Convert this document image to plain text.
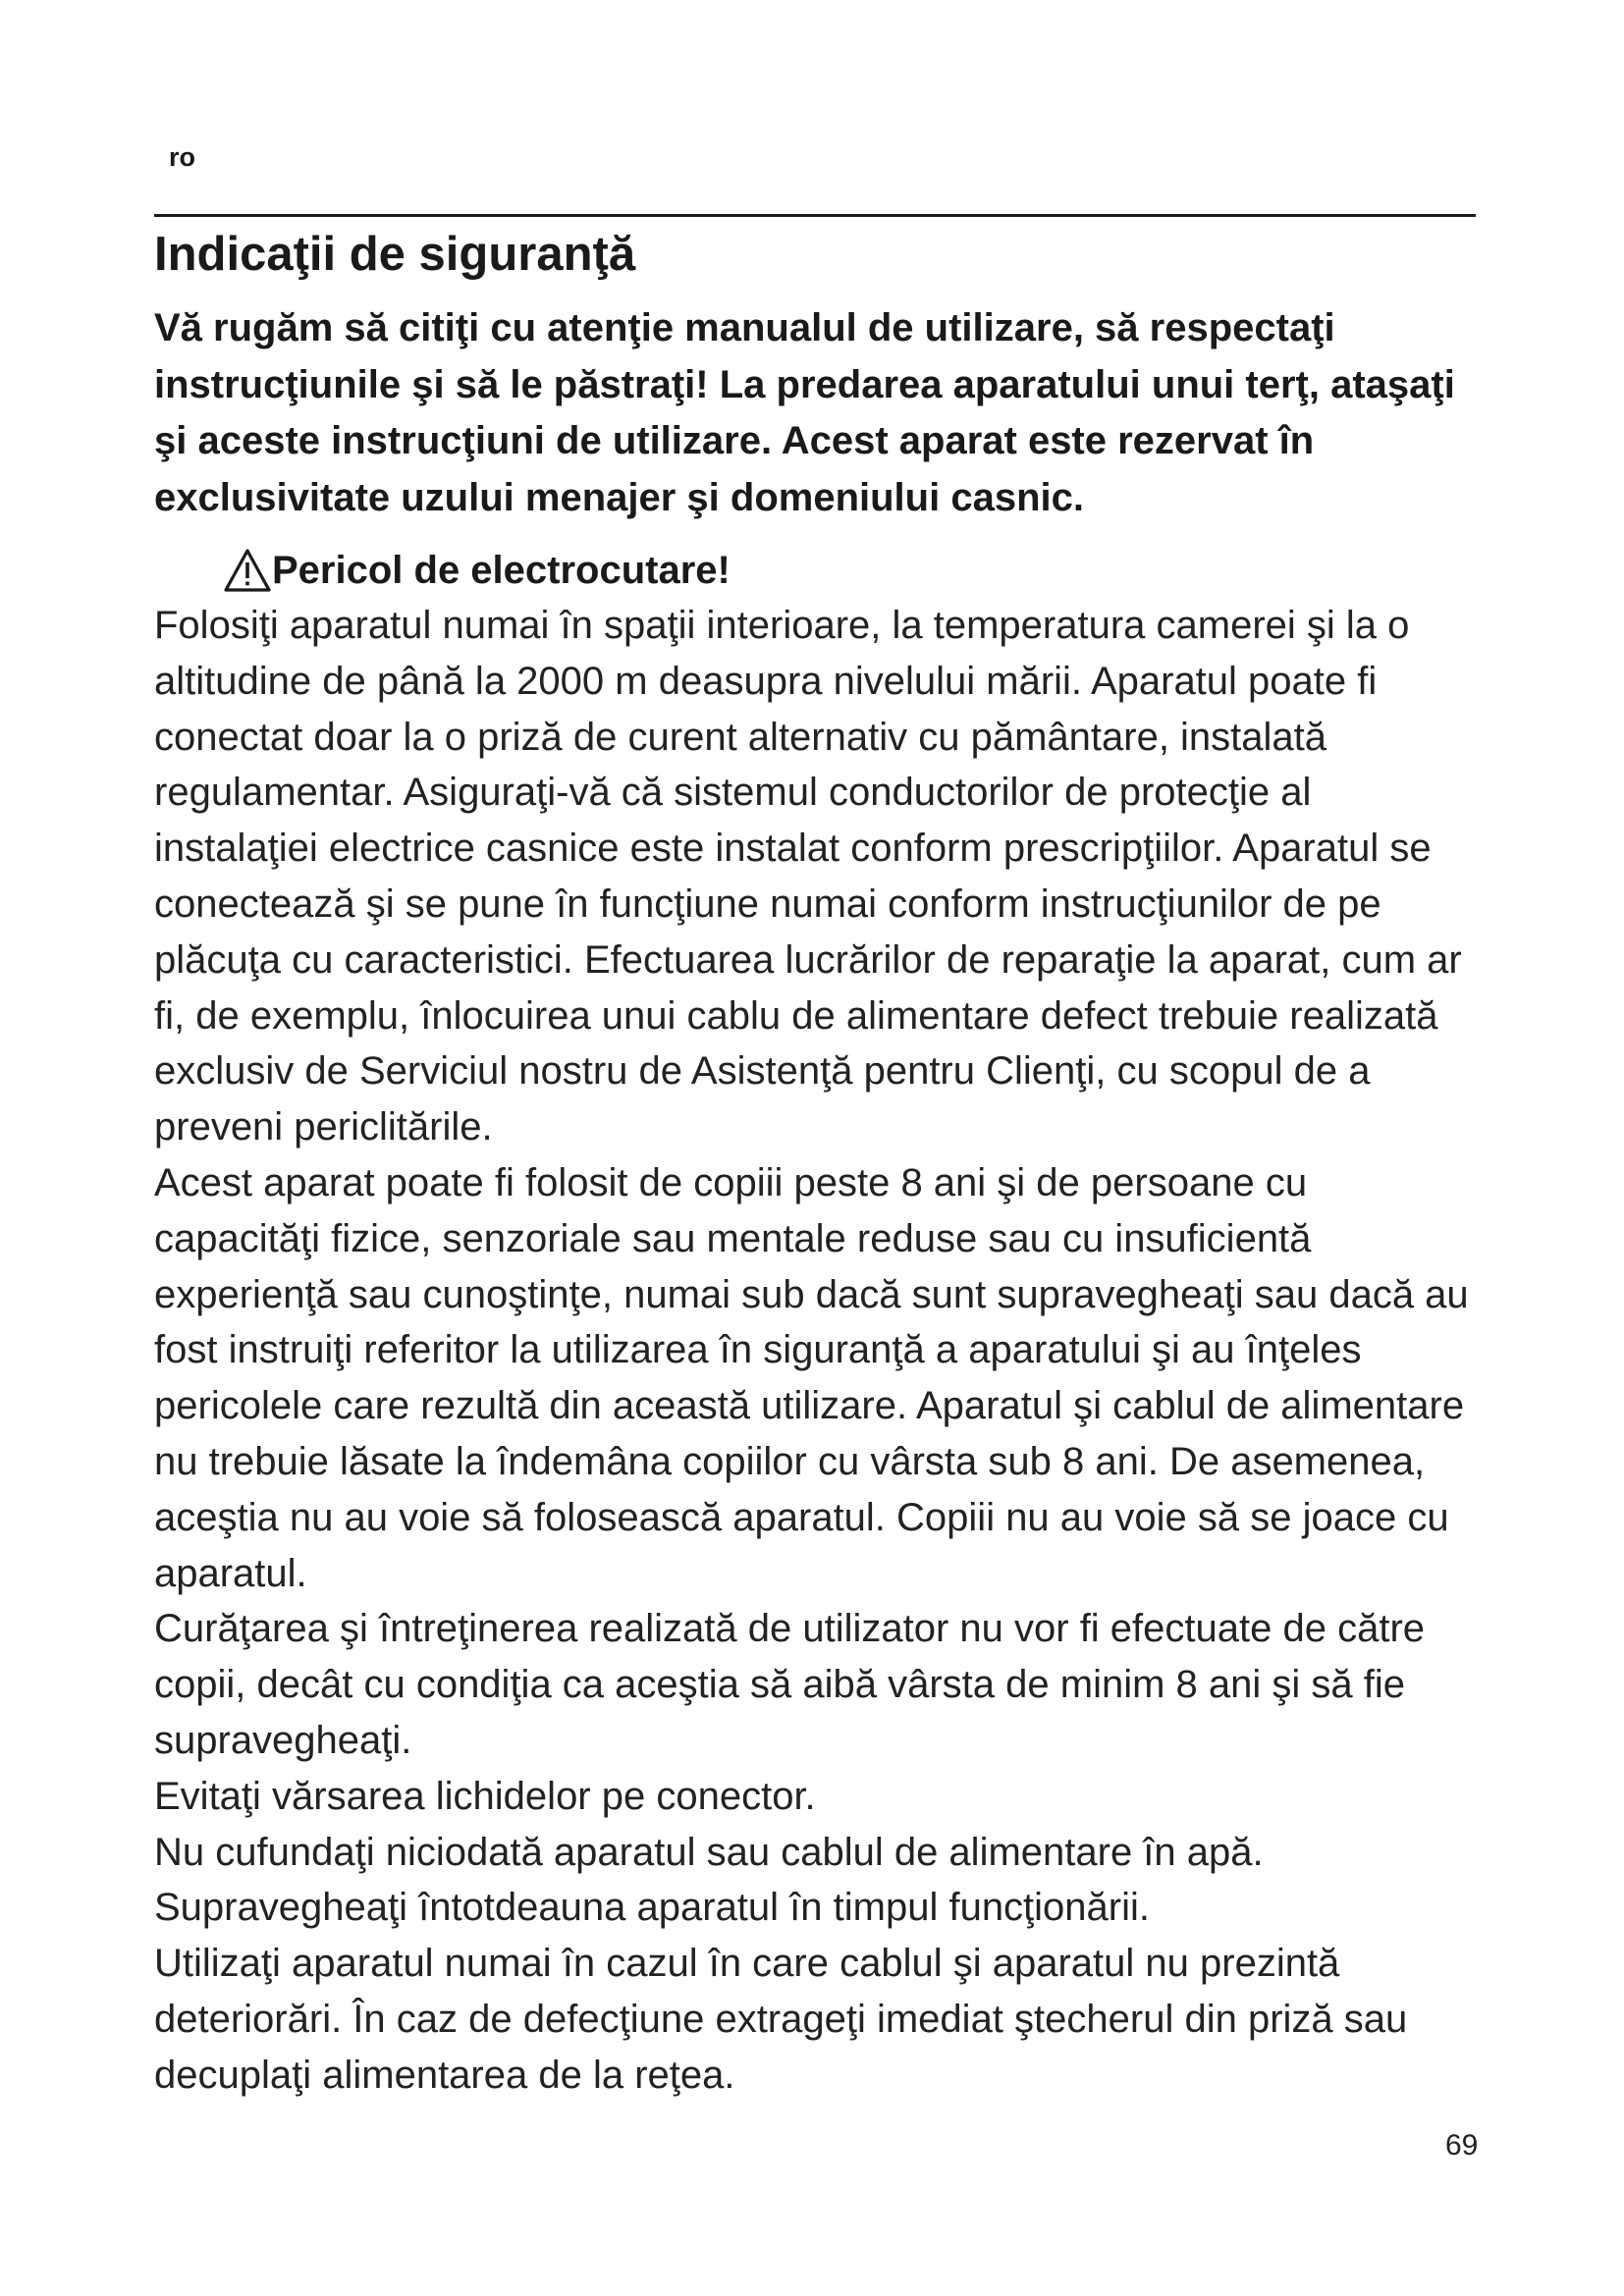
ro
Indicaţii de siguranţă

Vă rugăm să citiţi cu atenţie manualul de utilizare, să respectaţi instrucţiunile şi să le păstraţi! La predarea aparatului unui terţ, ataşaţi şi aceste instrucţiuni de utilizare. Acest aparat este rezervat în exclusivitate uzului menajer şi domeniului casnic.

Pericol de electrocutare!

Folosiţi aparatul numai în spaţii interioare, la temperatura camerei şi la o altitudine de până la 2000 m deasupra nivelului mării. Aparatul poate fi conectat doar la o priză de curent alternativ cu pământare, instalată regulamentar. Asiguraţi-vă că sistemul conductorilor de protecţie al instalaţiei electrice casnice este instalat conform prescripţiilor. Aparatul se conectează şi se pune în funcţiune numai conform instrucţiunilor de pe plăcuţa cu caracteristici. Efectuarea lucrărilor de reparaţie la aparat, cum ar fi, de exemplu, înlocuirea unui cablu de alimentare defect trebuie realizată exclusiv de Serviciul nostru de Asistenţă pentru Clienţi, cu scopul de a preveni periclitările.

Acest aparat poate fi folosit de copiii peste 8 ani şi de persoane cu capacităţi fizice, senzoriale sau mentale reduse sau cu insuficientă experienţă sau cunoştinţe, numai sub dacă sunt supravegheaţi sau dacă au fost instruiţi referitor la utilizarea în siguranţă a aparatului şi au înţeles pericolele care rezultă din această utilizare. Aparatul şi cablul de alimentare nu trebuie lăsate la îndemâna copiilor cu vârsta sub 8 ani. De asemenea, aceştia nu au voie să folosească aparatul. Copiii nu au voie să se joace cu aparatul.

Curăţarea şi întreţinerea realizată de utilizator nu vor fi efectuate de către copii, decât cu condiţia ca aceştia să aibă vârsta de minim 8 ani şi să fie supravegheaţi.

Evitaţi vărsarea lichidelor pe conector.

Nu cufundaţi niciodată aparatul sau cablul de alimentare în apă.

Supravegheaţi întotdeauna aparatul în timpul funcţionării.

Utilizaţi aparatul numai în cazul în care cablul şi aparatul nu prezintă deteriorări. În caz de defecţiune extrageţi imediat ştecherul din priză sau decuplaţi alimentarea de la reţea.

69
